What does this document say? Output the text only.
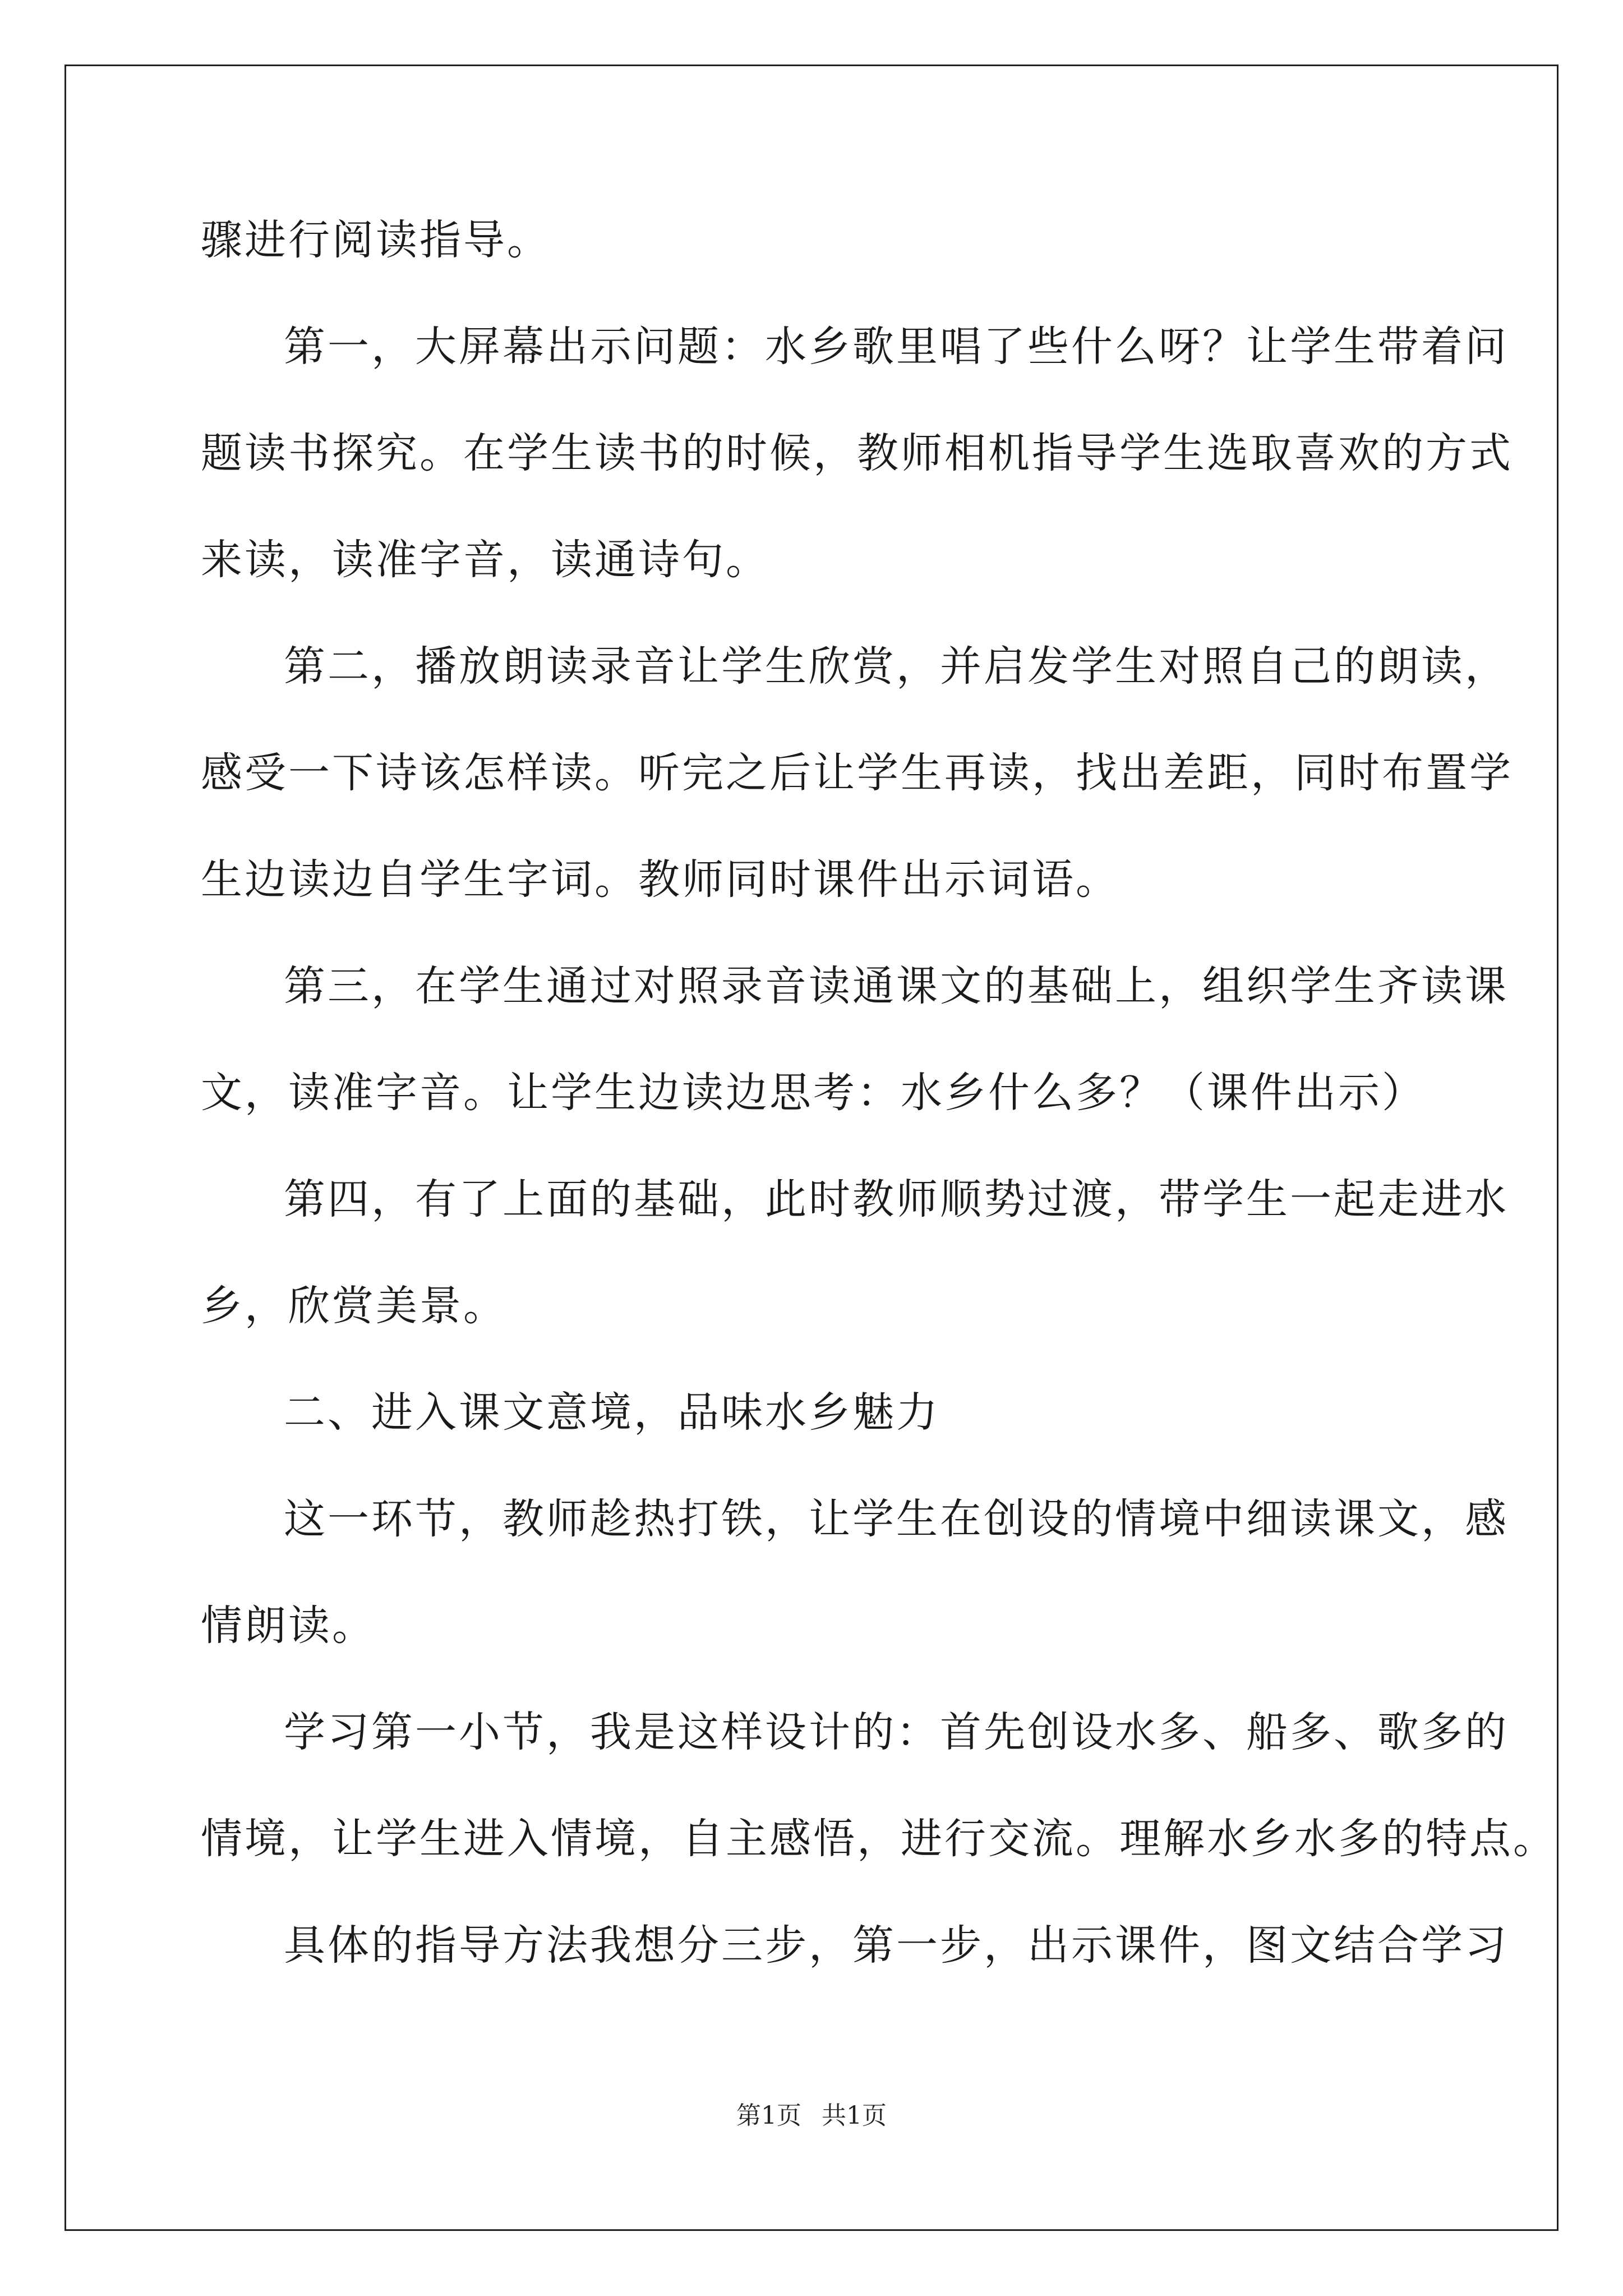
骤进行阅读指导。
第一，大屏幕出示问题：水乡歌里唱了些什么呀？让学生带着问
题读书探究。在学生读书的时候，教师相机指导学生选取喜欢的方式
来读，读准字音，读通诗句。
第二，播放朗读录音让学生欣赏，并启发学生对照自己的朗读，
感受一下诗该怎样读。听完之后让学生再读，找出差距，同时布置学
生边读边自学生字词。教师同时课件出示词语。
第三，在学生通过对照录音读通课文的基础上，组织学生齐读课
文，读准字音。让学生边读边思考：水乡什么多？（课件出示）
第四，有了上面的基础，此时教师顺势过渡，带学生一起走进水
乡，欣赏美景。
二、进入课文意境，品味水乡魅力
这一环节，教师趁热打铁，让学生在创设的情境中细读课文，感
情朗读。
学习第一小节，我是这样设计的：首先创设水多、船多、歌多的
情境，让学生进入情境，自主感悟，进行交流。理解水乡水多的特点。
具体的指导方法我想分三步，第一步，出示课件，图文结合学习
第1页 共1页
